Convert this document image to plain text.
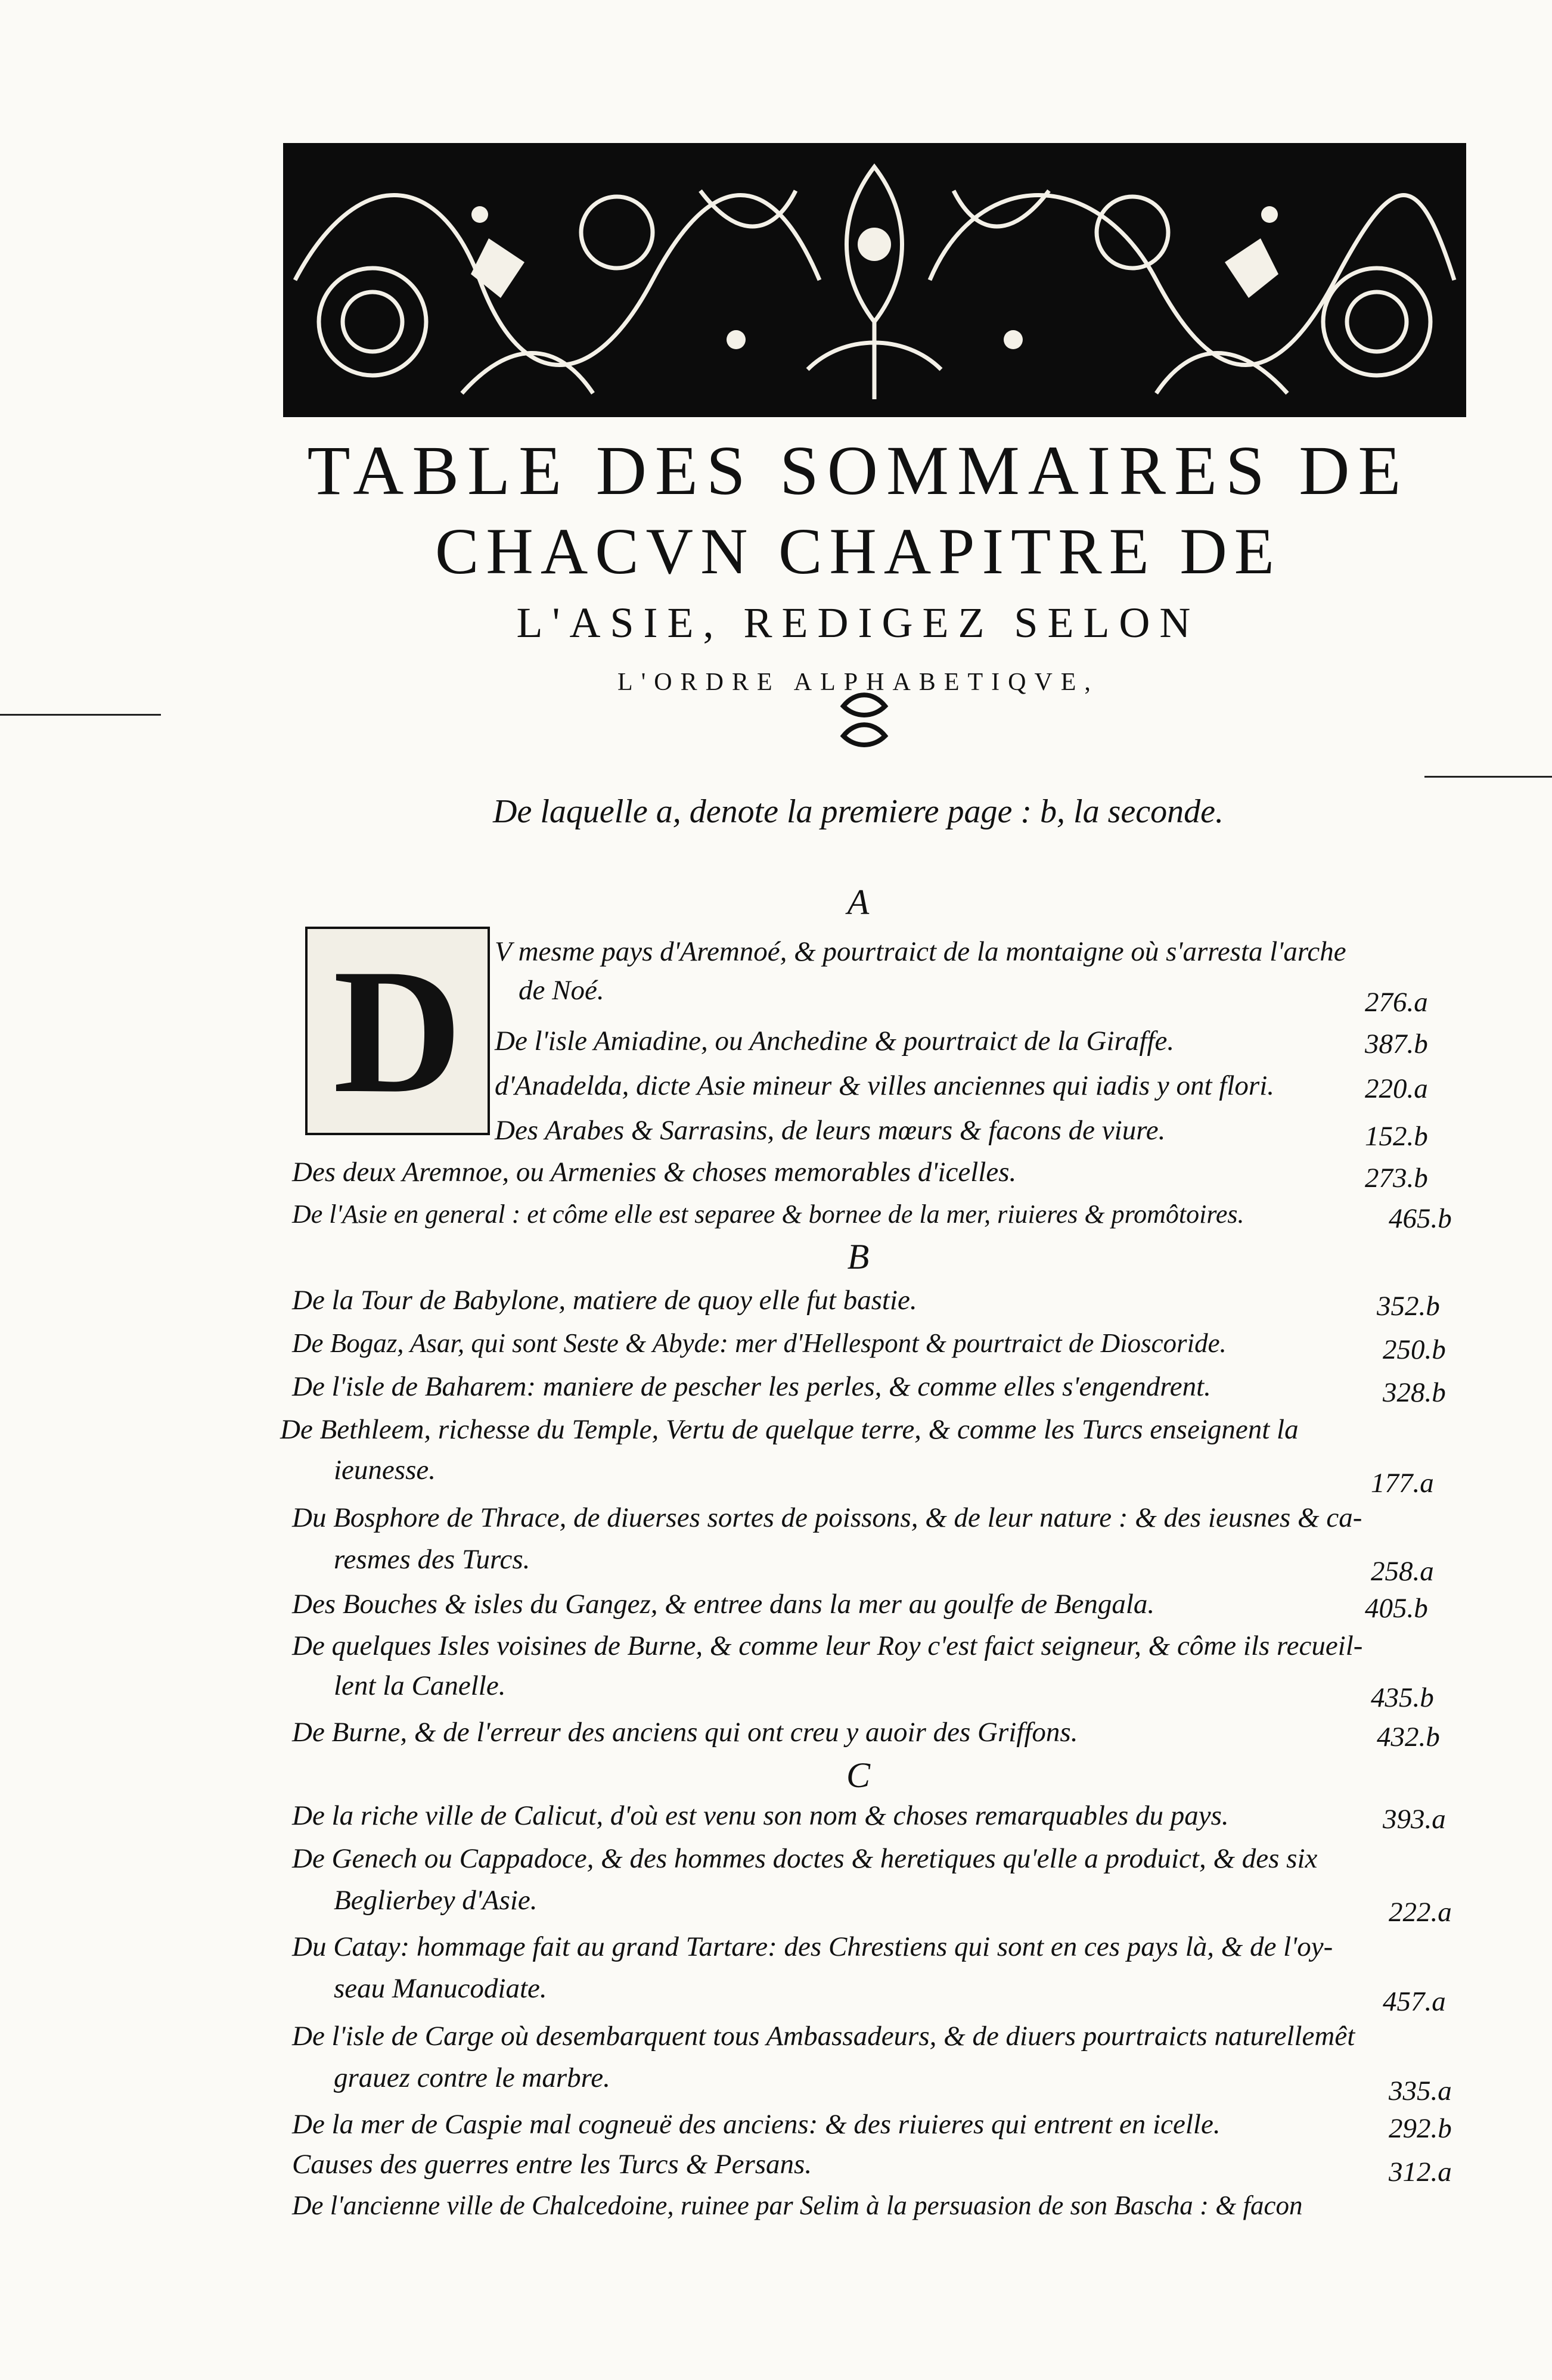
TABLE DES SOMMAIRES DE
CHACVN CHAPITRE DE
L'ASIE, REDIGEZ SELON
L'ORDRE ALPHABETIQVE,
De laquelle a, denote la premiere page : b, la seconde.
A
D V mesme pays d'Aremnoé, & pourtraict de la montaigne où s'arresta l'arche
de Noé.	276.a
De l'isle Amiadine, ou Anchedine & pourtraict de la Giraffe.	387.b
d'Anadelda, dicte Asie mineur & villes anciennes qui iadis y ont flori.	220.a
Des Arabes & Sarrasins, de leurs mœurs & facons de viure.	152.b
Des deux Aremnoe, ou Armenies & choses memorables d'icelles.	273.b
De l'Asie en general : et côme elle est separee & bornee de la mer, riuieres & promôtoires.	465.b
B
De la Tour de Babylone, matiere de quoy elle fut bastie.	352.b
De Bogaz, Asar, qui sont Seste & Abyde: mer d'Hellespont & pourtraict de Dioscoride.	250.b
De l'isle de Baharem: maniere de pescher les perles, & comme elles s'engendrent.	328.b
De Bethleem, richesse du Temple, Vertu de quelque terre, & comme les Turcs enseignent la
ieunesse.	177.a
Du Bosphore de Thrace, de diuerses sortes de poissons, & de leur nature : & des ieusnes & ca-
resmes des Turcs.	258.a
Des Bouches & isles du Gangez, & entree dans la mer au goulfe de Bengala.	405.b
De quelques Isles voisines de Burne, & comme leur Roy c'est faict seigneur, & côme ils recueil-
lent la Canelle.	435.b
De Burne, & de l'erreur des anciens qui ont creu y auoir des Griffons.	432.b
C
De la riche ville de Calicut, d'où est venu son nom & choses remarquables du pays.	393.a
De Genech ou Cappadoce, & des hommes doctes & heretiques qu'elle a produict, & des six
Beglierbey d'Asie.	222.a
Du Catay: hommage fait au grand Tartare: des Chrestiens qui sont en ces pays là, & de l'oy-
seau Manucodiate.	457.a
De l'isle de Carge où desembarquent tous Ambassadeurs, & de diuers pourtraicts naturellemêt
grauez contre le marbre.	335.a
De la mer de Caspie mal cogneuë des anciens: & des riuieres qui entrent en icelle.	292.b
Causes des guerres entre les Turcs & Persans.	312.a
De l'ancienne ville de Chalcedoine, ruinee par Selim à la persuasion de son Bascha : & facon
